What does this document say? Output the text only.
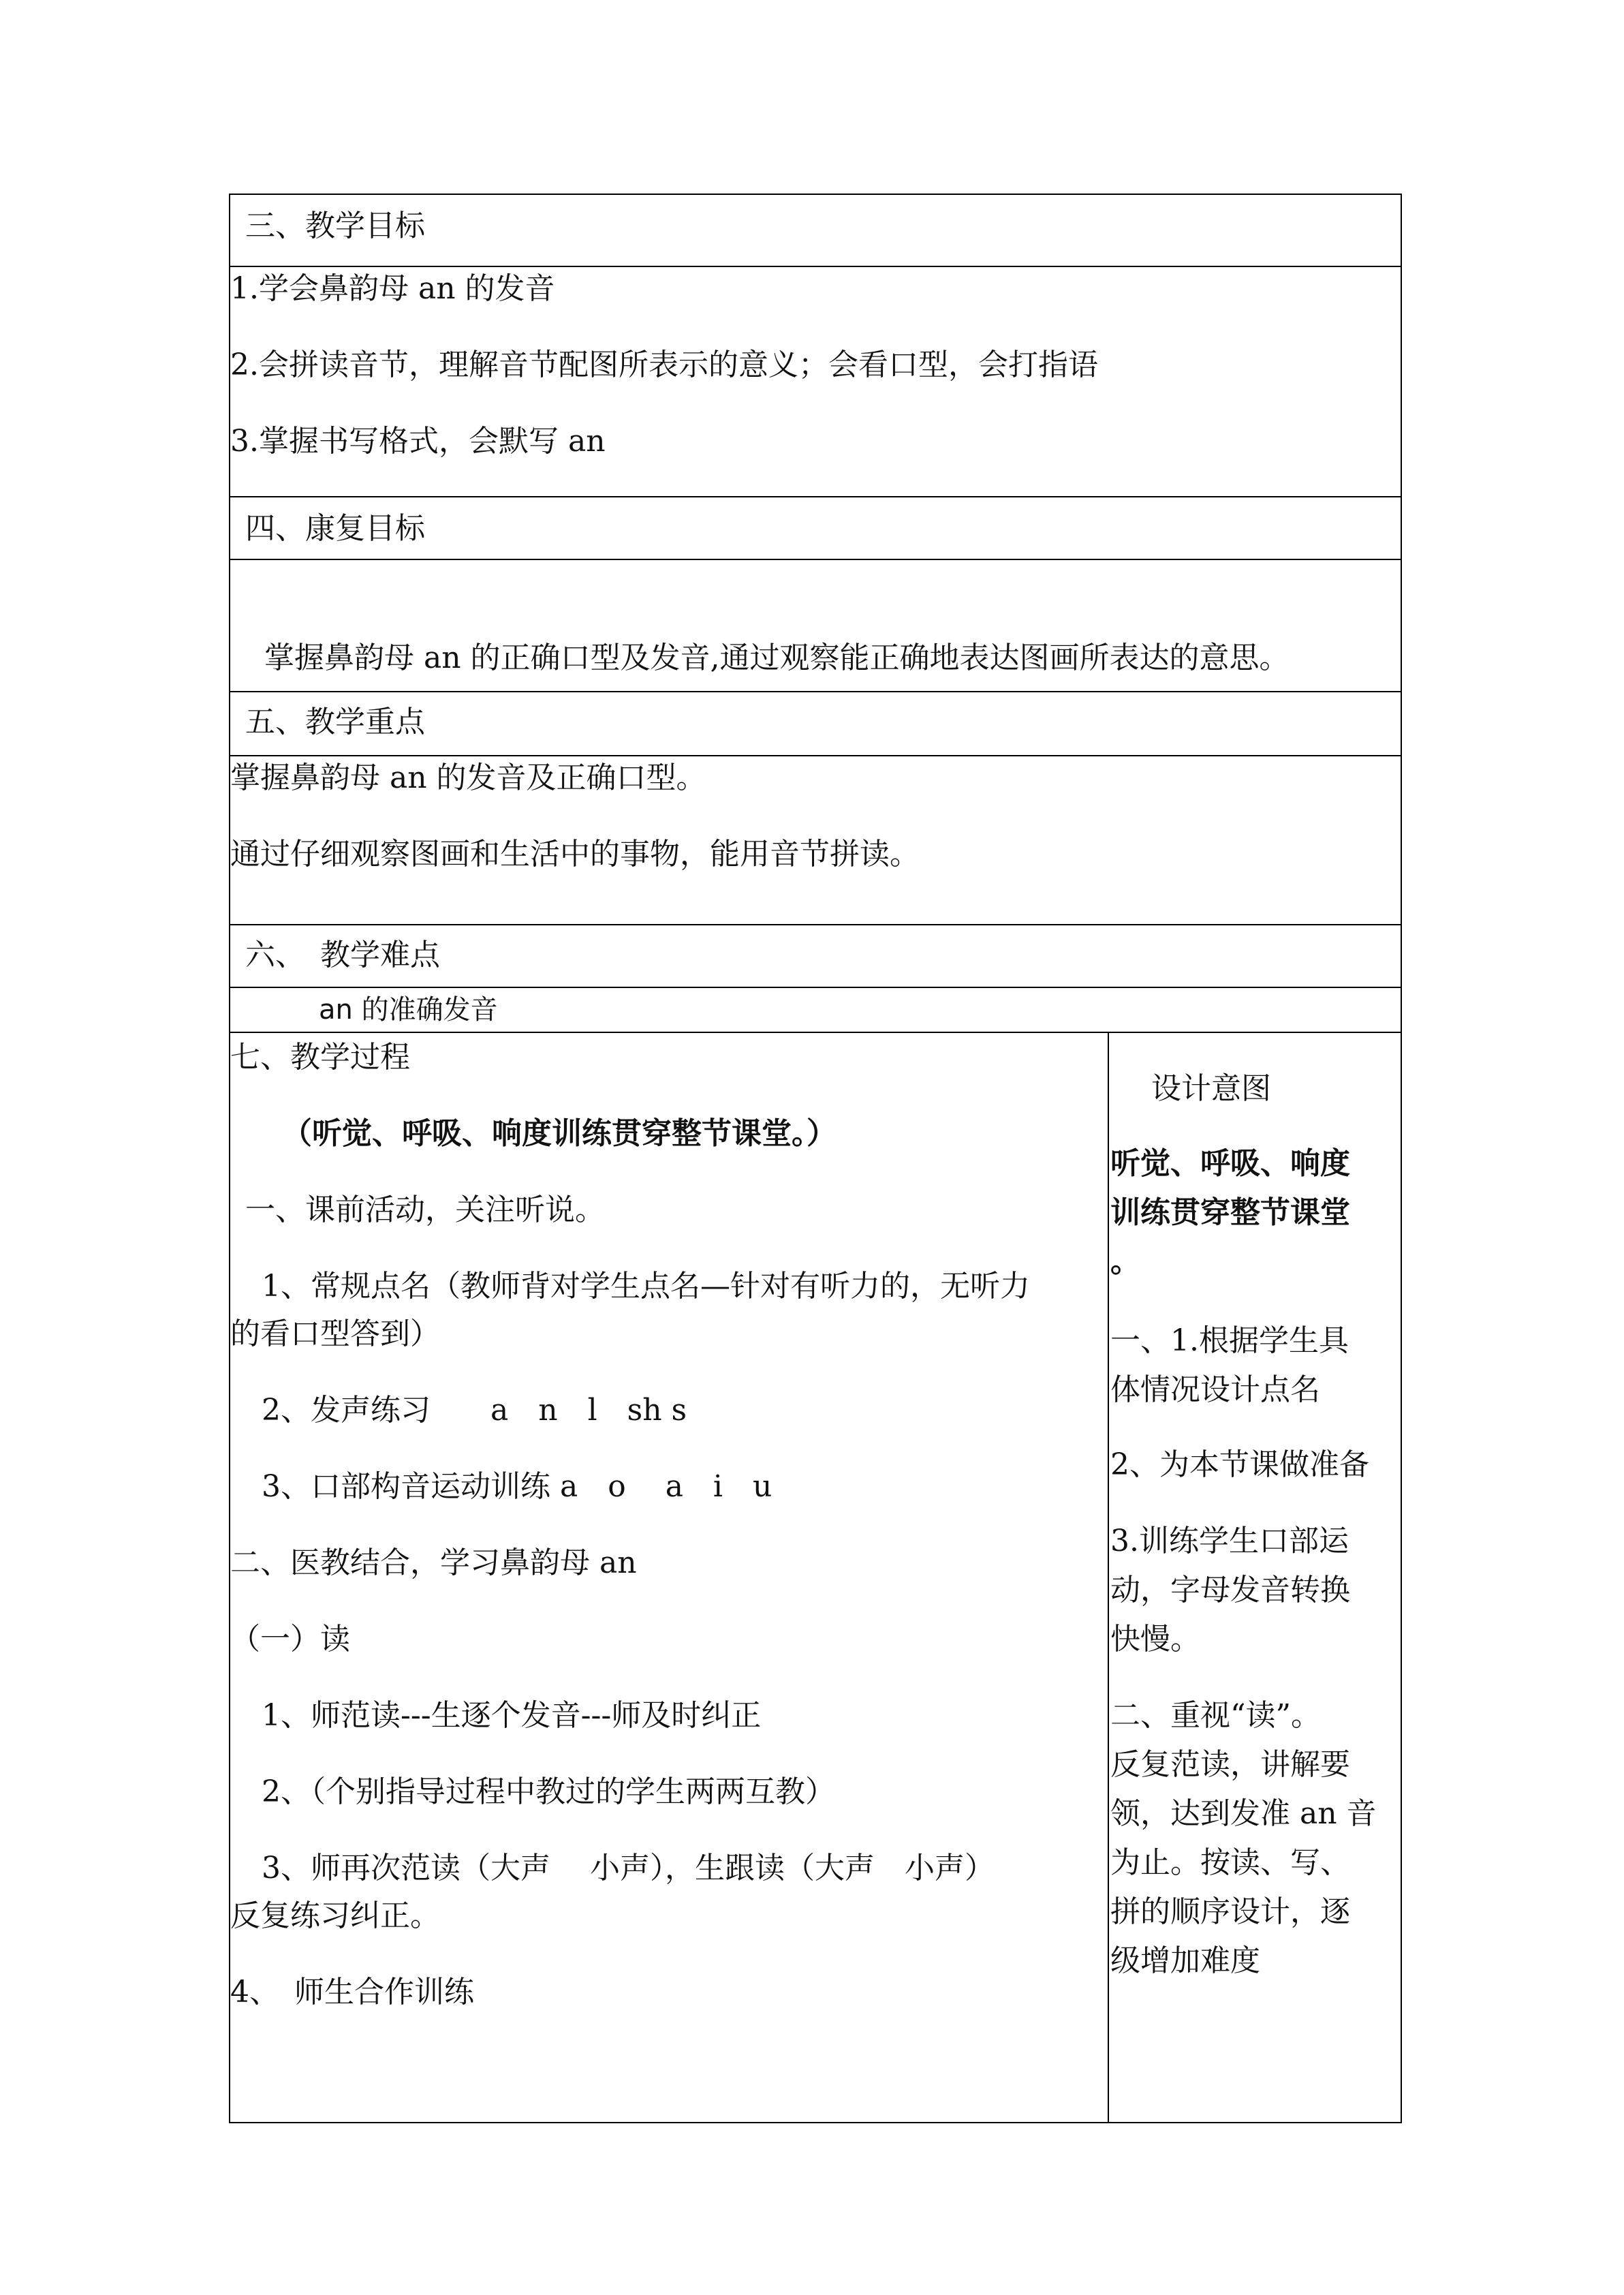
三、教学目标
1.学会鼻韵母 an 的发音
2.会拼读音节，理解音节配图所表示的意义；会看口型，会打指语
3.掌握书写格式，会默写 an
四、康复目标
掌握鼻韵母 an 的正确口型及发音,通过观察能正确地表达图画所表达的意思。
五、教学重点
掌握鼻韵母 an 的发音及正确口型。
通过仔细观察图画和生活中的事物，能用音节拼读。
六、　教学难点
an 的准确发音
七、教学过程
（听觉、呼吸、响度训练贯穿整节课堂。）
一、课前活动，关注听说。
1、常规点名（教师背对学生点名—针对有听力的，无听力
的看口型答到）
2、发声练习　　a　n　l　sh s
3、口部构音运动训练 a　o　 a　i　u
二、医教结合，学习鼻韵母 an
（一）读
1、师范读---生逐个发音---师及时纠正
2、（个别指导过程中教过的学生两两互教）
3、师再次范读（大声　 小声），生跟读（大声　小声）
反复练习纠正。
4、　师生合作训练
设计意图
听觉、呼吸、响度
训练贯穿整节课堂
。
一、1.根据学生具
体情况设计点名
2、为本节课做准备
3.训练学生口部运
动，字母发音转换
快慢。
二、重视“读”。
反复范读，讲解要
领，达到发准 an 音
为止。按读、写、
拼的顺序设计，逐
级增加难度
